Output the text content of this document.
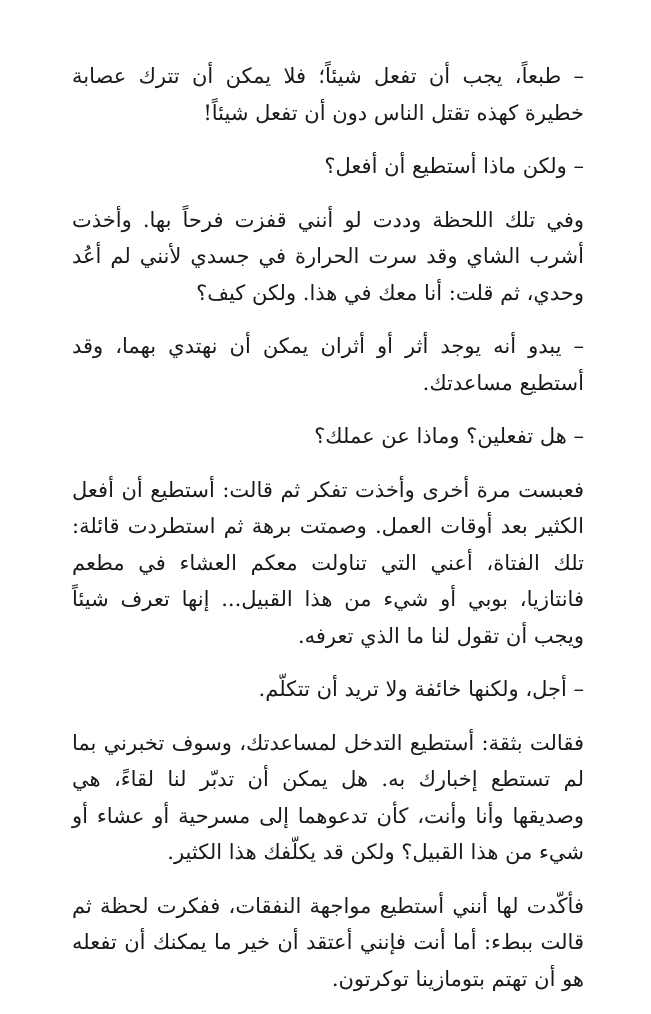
– طبعاً، يجب أن تفعل شيئاً؛ فلا يمكن أن تترك عصابة خطيرة كهذه تقتل الناس دون أن تفعل شيئاً!

– ولكن ماذا أستطيع أن أفعل؟

وفي تلك اللحظة وددت لو أنني قفزت فرحاً بها. وأخذت أشرب الشاي وقد سرت الحرارة في جسدي لأنني لم أعُد وحدي، ثم قلت: أنا معك في هذا. ولكن كيف؟

– يبدو أنه يوجد أثر أو أثران يمكن أن نهتدي بهما، وقد أستطيع مساعدتك.

– هل تفعلين؟ وماذا عن عملك؟

فعبست مرة أخرى وأخذت تفكر ثم قالت: أستطيع أن أفعل الكثير بعد أوقات العمل. وصمتت برهة ثم استطردت قائلة: تلك الفتاة، أعني التي تناولت معكم العشاء في مطعم فانتازيا، بوبي أو شيء من هذا القبيل... إنها تعرف شيئاً ويجب أن تقول لنا ما الذي تعرفه.

– أجل، ولكنها خائفة ولا تريد أن تتكلّم.

فقالت بثقة: أستطيع التدخل لمساعدتك، وسوف تخبرني بما لم تستطع إخبارك به. هل يمكن أن تدبّر لنا لقاءً، هي وصديقها وأنا وأنت، كأن تدعوهما إلى مسرحية أو عشاء أو شيء من هذا القبيل؟ ولكن قد يكلّفك هذا الكثير.

فأكّدت لها أنني أستطيع مواجهة النفقات، ففكرت لحظة ثم قالت ببطء: أما أنت فإنني أعتقد أن خير ما يمكنك أن تفعله هو أن تهتم بتومازينا توكرتون.
